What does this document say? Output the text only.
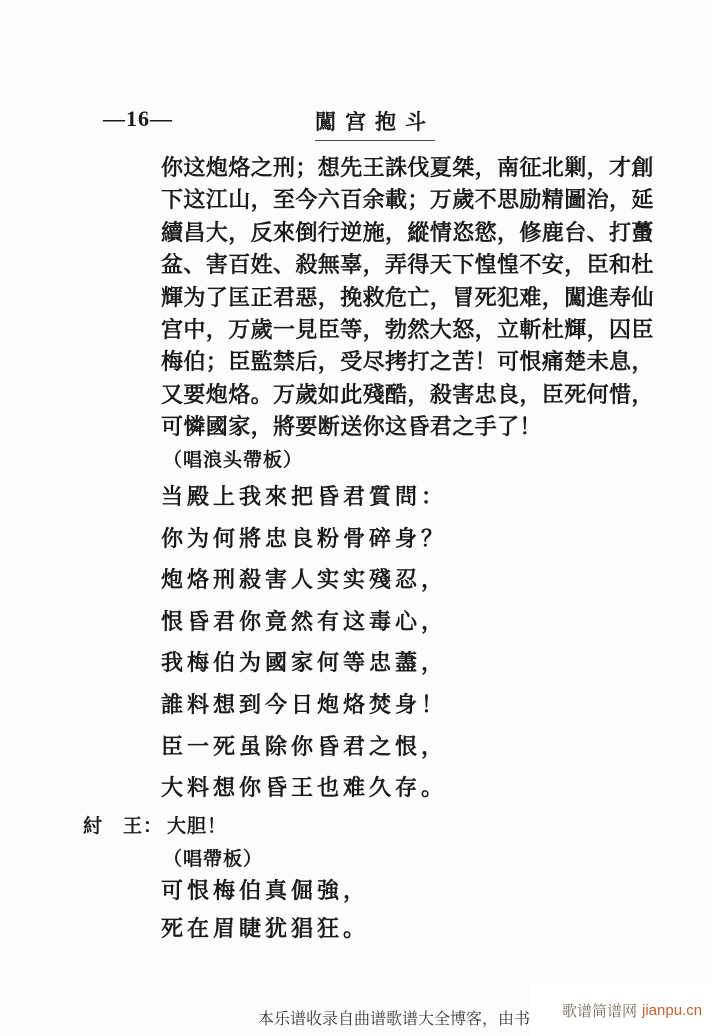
—16—	闖宫抱斗
你这炮烙之刑；想先王誅伐夏桀，南征北剿，才創
下这江山，至今六百余載；万歲不思励精圖治，延
續昌大，反來倒行逆施，縱情恣慾，修鹿台、打蠆
盆、害百姓、殺無辜，弄得天下惶惶不安，臣和杜
輝为了匡正君惡，挽救危亡，冒死犯难，闖進寿仙
宫中，万歲一見臣等，勃然大怒，立斬杜輝，囚臣
梅伯；臣監禁后，受尽拷打之苦！可恨痛楚未息，
又要炮烙。万歲如此殘酷，殺害忠良，臣死何惜，
可憐國家，將要断送你这昏君之手了！
（唱浪头帶板）
当殿上我來把昏君質問：
你为何將忠良粉骨碎身？
炮烙刑殺害人实实殘忍，
恨昏君你竟然有这毒心，
我梅伯为國家何等忠藎，
誰料想到今日炮烙焚身！
臣一死虽除你昏君之恨，
大料想你昏王也难久存。
紂　王： 大胆！
（唱帶板）
可恨梅伯真倔強，
死在眉睫犹猖狂。
本乐谱收录自曲谱歌谱大全博客，由书 歌谱简谱网 jianpu.cn
